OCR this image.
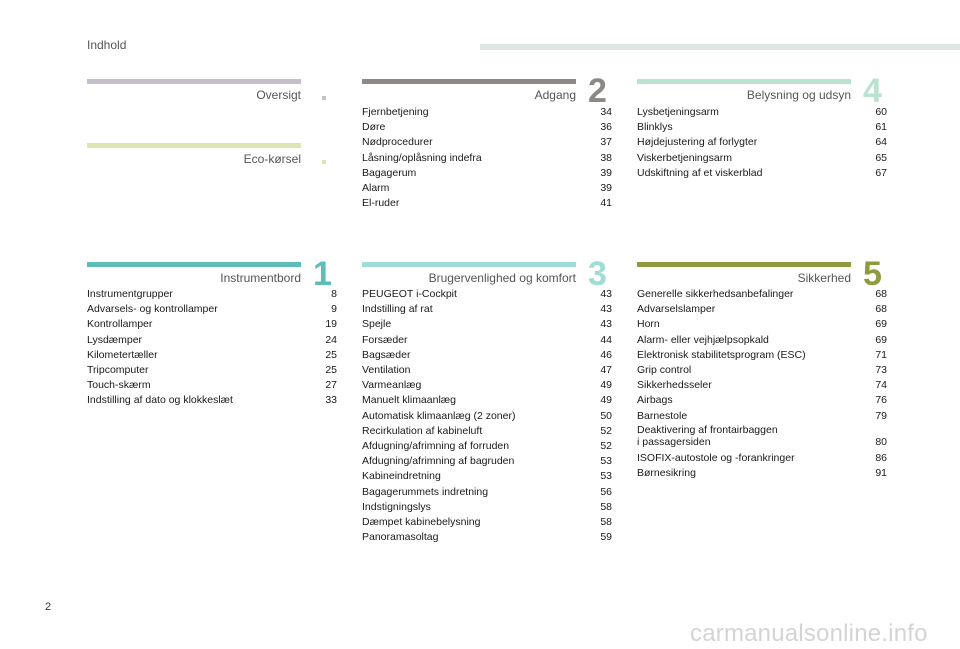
Indhold
Oversigt
Eco-kørsel
Adgang 2
Fjernbetjening	34
Døre	36
Nødprocedurer	37
Låsning/oplåsning indefra	38
Bagagerum	39
Alarm	39
El-ruder	41
Belysning og udsyn 4
Lysbetjeningsarm	60
Blinklys	61
Højdejustering af forlygter	64
Viskerbetjeningsarm	65
Udskiftning af et viskerblad	67
Instrumentbord 1
Instrumentgrupper	8
Advarsels- og kontrollamper	9
Kontrollamper	19
Lysdæmper	24
Kilometertæller	25
Tripcomputer	25
Touch-skærm	27
Indstilling af dato og klokkeslæt	33
Brugervenlighed og komfort 3
PEUGEOT i-Cockpit	43
Indstilling af rat	43
Spejle	43
Forsæder	44
Bagsæder	46
Ventilation	47
Varmeanlæg	49
Manuelt klimaanlæg	49
Automatisk klimaanlæg (2 zoner)	50
Recirkulation af kabineluft	52
Afdugning/afrimning af forruden	52
Afdugning/afrimning af bagruden	53
Kabineindretning	53
Bagagerummets indretning	56
Indstigningslys	58
Dæmpet kabinebelysning	58
Panoramasoltag	59
Sikkerhed 5
Generelle sikkerhedsanbefalinger	68
Advarselslamper	68
Horn	69
Alarm- eller vejhjælpsopkald	69
Elektronisk stabilitetsprogram (ESC)	71
Grip control	73
Sikkerhedsseler	74
Airbags	76
Barnestole	79
Deaktivering af frontairbaggen
i passagersiden	80
ISOFIX-autostole og -forankringer	86
Børnesikring	91
2
carmanualsonline.info
